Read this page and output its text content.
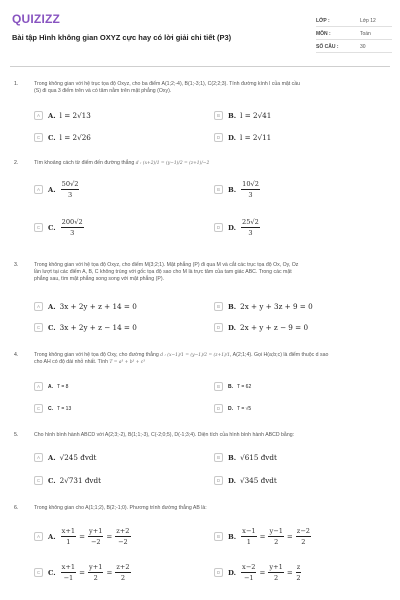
QUIZIZZ
Bài tập Hình không gian OXYZ cực hay có lời giải chi tiết (P3)
LỚP :	Lớp 12
MÔN :	Toán
SỐ CÂU :	30
1.	Trong không gian với hệ trục tọa độ Oxyz, cho ba điểm A(1;2;-4), B(1;-3;1), C(2;2;3). Tính đường kính l của mặt cầu
(S) đi qua 3 điểm trên và có tâm nằm trên mặt phẳng (Oxy).
A	A. l = 2√13	B	B. l = 2√41
C	C. l = 2√26	D	D. l = 2√11
2.	Tìm khoảng cách từ điểm đến đường thẳng d : (x+2)/1 = (y−1)/2 = (z+1)/−2
A	A. $\frac{50√2}{3}$	B	B. $\frac{10√2}{3}$
C	C. $\frac{200√2}{3}$	D	D. $\frac{25√2}{3}$
3.	Trong không gian với hệ tọa độ Oxyz, cho điểm M(3;2;1). Mặt phẳng (P) đi qua M và cắt các trục tọa độ Ox, Oy, Oz
lần lượt tại các điểm A, B, C không trùng với gốc tọa độ sao cho M là trực tâm của tam giác ABC. Trong các mặt
phẳng sau, tìm mặt phẳng song song với mặt phẳng (P).
A	A. 3x + 2y + z + 14 = 0	B	B. 2x + y + 3z + 9 = 0
C	C. 3x + 2y + z − 14 = 0	D	D. 2x + y + z − 9 = 0
4.	Trong không gian với hệ tọa độ Oxy, cho đường thẳng d : (x−1)/1 = (y−1)/2 = (z+1)/1, A(2;1;4). Gọi H(a;b;c) là điểm thuộc d sao
cho AH có độ dài nhỏ nhất. Tính T = a³ + b³ + c³
A	A. T = 8	B	B. T = 62
C	C. T = 13	D	D. T = √5
5.	Cho hình bình hành ABCD với A(2;3;-2), B(1;1;-3), C(-2;0;5), D(-1;3;4). Diện tích của hình bình hành ABCD bằng:
A	A. √245 đvdt	B	B. √615 đvdt
C	C. 2√731 đvdt	D	D. √345 đvdt
6.	Trong không gian cho A(1;1;2), B(2;-1;0). Phương trình đường thẳng AB là:
A	A. $\frac{x+1}{1} = \frac{y+1}{-2} = \frac{z+2}{-2}$	B	B. $\frac{x-1}{1} = \frac{y-1}{2} = \frac{z-2}{2}$
C	C. $\frac{x+1}{-1} = \frac{y+1}{2} = \frac{z+2}{2}$	D	D. $\frac{x-2}{-1} = \frac{y+1}{2} = \frac{z}{2}$
